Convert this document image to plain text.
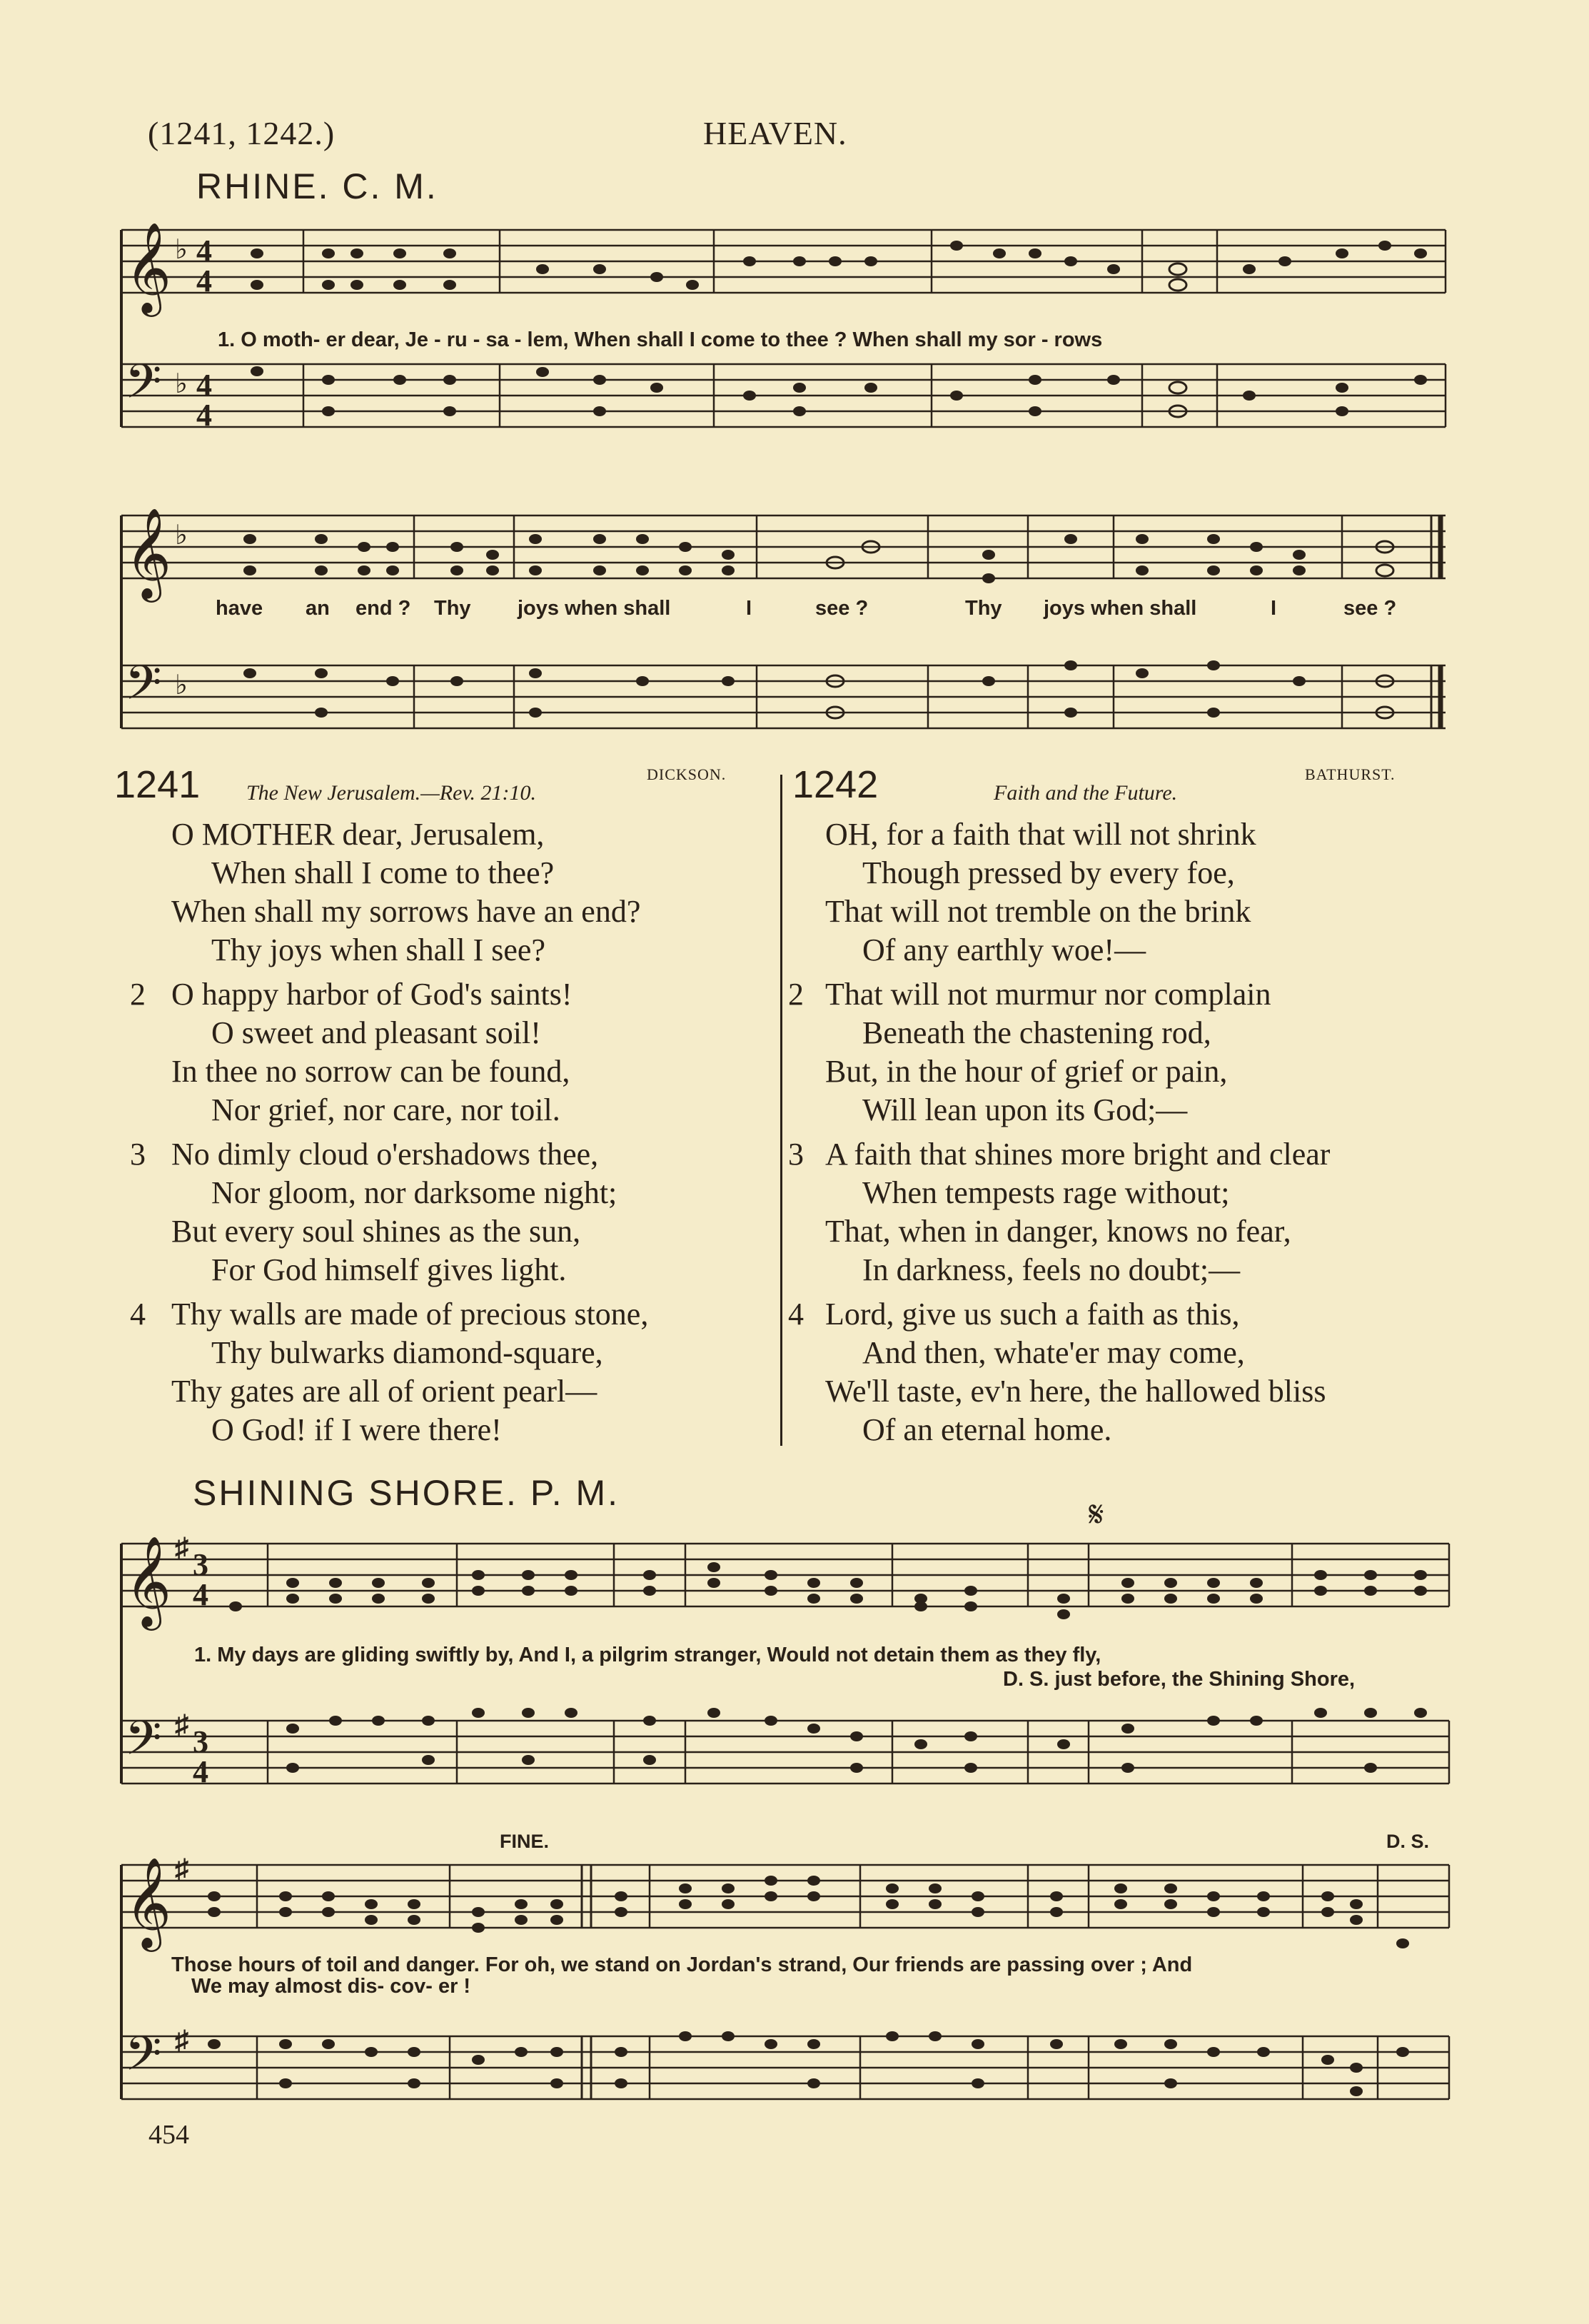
(1241, 1242.)	HEAVEN.
RHINE. C. M.
𝄞
𝄢
♭ 4
4
♭ 4
4
1. O moth- er dear, Je - ru - sa - lem, When shall I come to thee ? When shall my sor - rows
𝄞
𝄢
♭
♭
have an end ? Thy joys when shall	I	see ?	Thy joys when shall	I	see ?
1241 The New Jerusalem.—Rev. 21:10.
DICKSON.
O MOTHER dear, Jerusalem,
When shall I come to thee?
When shall my sorrows have an end?
Thy joys when shall I see?
2 O happy harbor of God's saints!
O sweet and pleasant soil!
In thee no sorrow can be found,
Nor grief, nor care, nor toil.
3 No dimly cloud o'ershadows thee,
Nor gloom, nor darksome night;
But every soul shines as the sun,
For God himself gives light.
4 Thy walls are made of precious stone,
Thy bulwarks diamond-square,
Thy gates are all of orient pearl—
O God! if I were there!
1242	Faith and the Future.
BATHURST.
OH, for a faith that will not shrink
Though pressed by every foe,
That will not tremble on the brink
Of any earthly woe!—
2 That will not murmur nor complain
Beneath the chastening rod,
But, in the hour of grief or pain,
Will lean upon its God;—
3 A faith that shines more bright and clear
When tempests rage without;
That, when in danger, knows no fear,
In darkness, feels no doubt;—
4 Lord, give us such a faith as this,
And then, whate'er may come,
We'll taste, ev'n here, the hallowed bliss
Of an eternal home.
SHINING SHORE. P. M.
𝄋
𝄞
𝄢
♯ 3
4
♯ 3
4
1. My days are gliding swiftly by, And I, a pilgrim stranger, Would not detain them as they fly,
D. S. just before, the Shining Shore,
FINE.	D. S.
𝄞
𝄢
♯
♯
Those hours of toil and danger. For oh, we stand on Jordan's strand, Our friends are passing over ; And
We may almost dis- cov- er !
454
